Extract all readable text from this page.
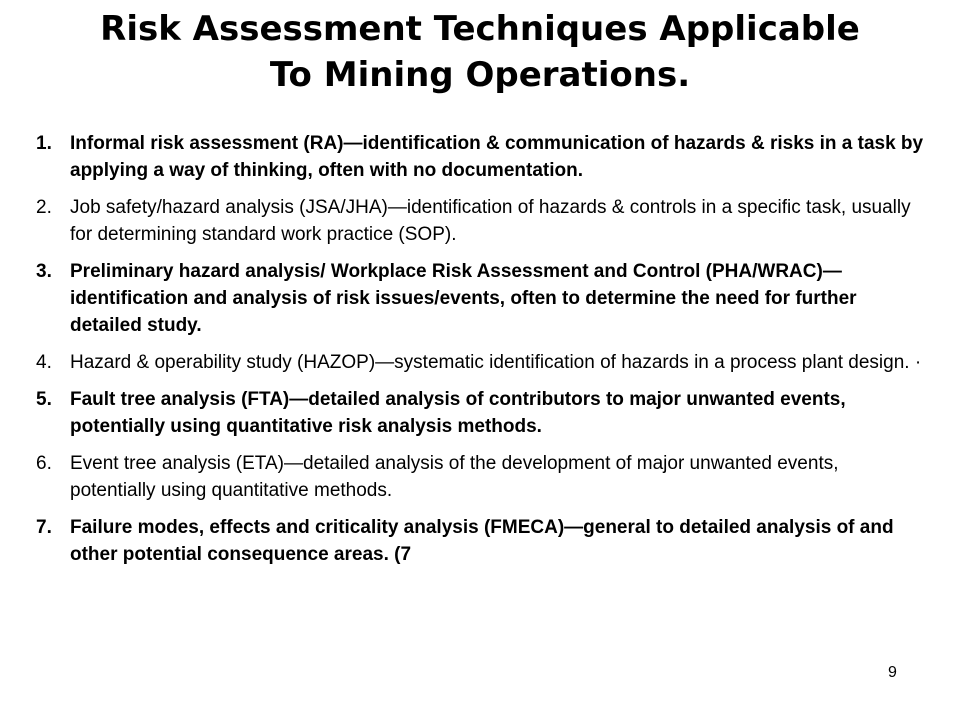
Risk Assessment Techniques Applicable
To Mining Operations.
1. Informal risk assessment (RA)—identification & communication of hazards & risks in a task by applying a way of thinking, often with no documentation.
2. Job safety/hazard analysis (JSA/JHA)—identification of hazards & controls in a specific task, usually for determining standard work practice (SOP).
3. Preliminary hazard analysis/ Workplace Risk Assessment and Control (PHA/WRAC)—identification and analysis of risk issues/events, often to determine the need for further detailed study.
4. Hazard & operability study (HAZOP)—systematic identification of hazards in a process plant design. ·
5. Fault tree analysis (FTA)—detailed analysis of contributors to major unwanted events, potentially using quantitative risk analysis methods.
6. Event tree analysis (ETA)—detailed analysis of the development of major unwanted events, potentially using quantitative methods.
7. Failure modes, effects and criticality analysis (FMECA)—general to detailed analysis of and other potential consequence areas. (7
9
